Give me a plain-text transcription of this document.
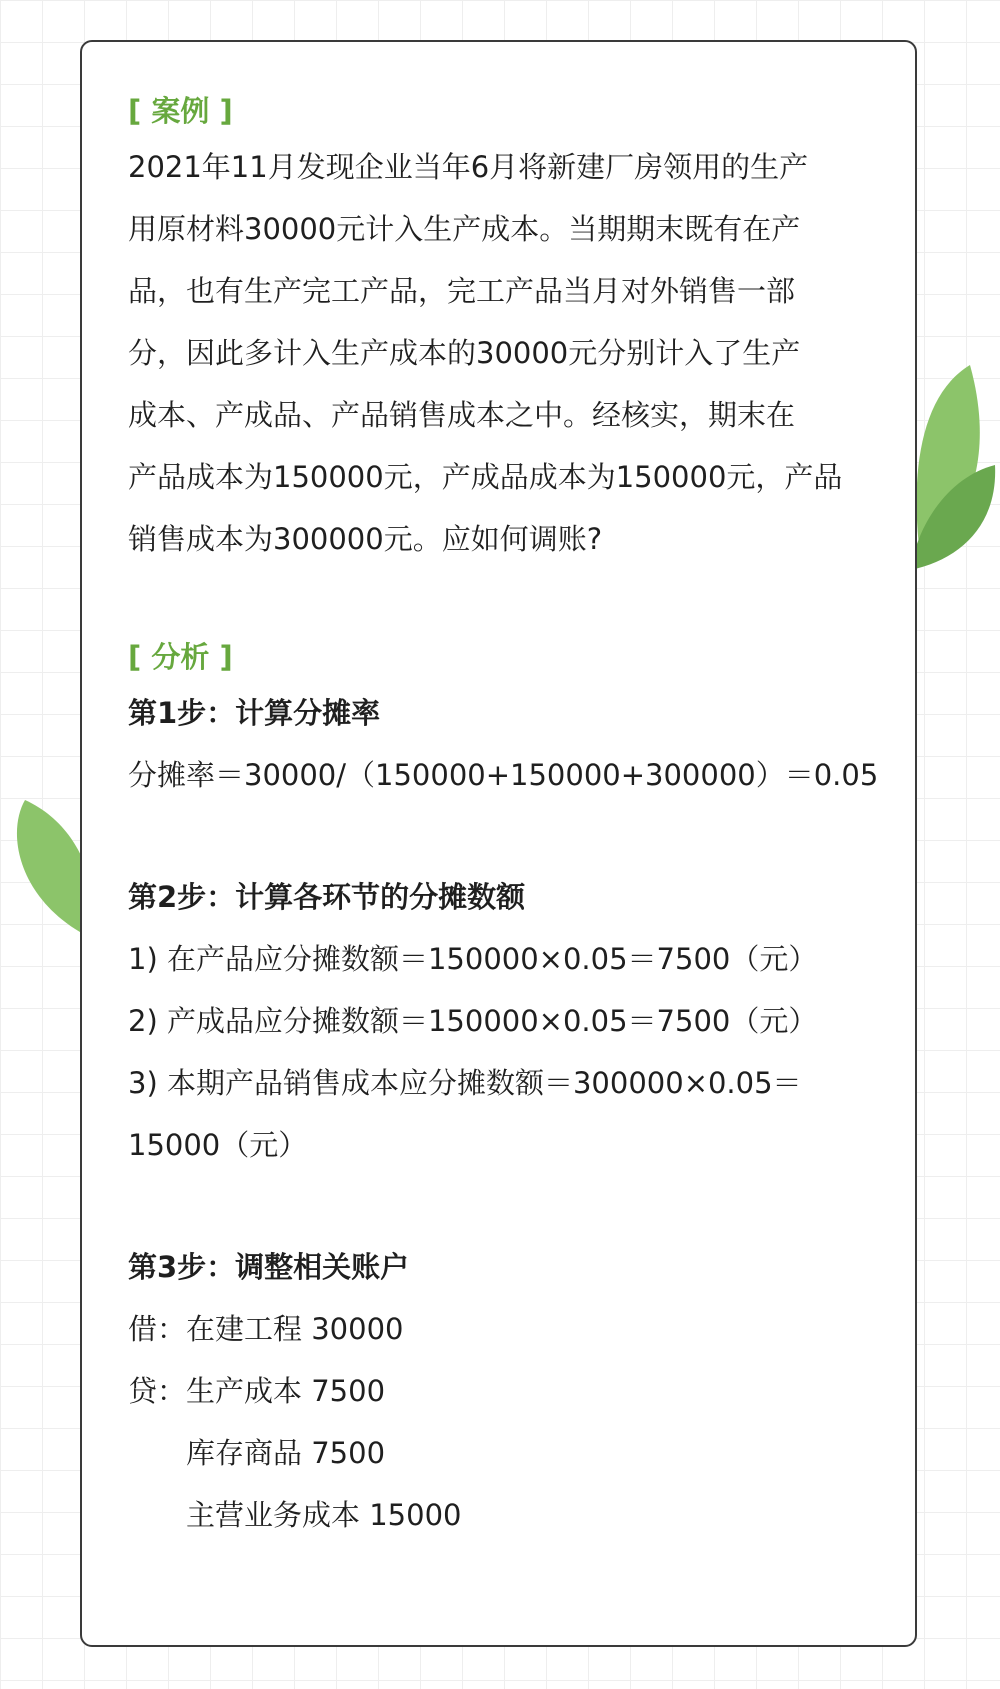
[ 案例 ]
2021年11月发现企业当年6月将新建厂房领用的生产
用原材料30000元计入生产成本。当期期末既有在产
品，也有生产完工产品，完工产品当月对外销售一部
分，因此多计入生产成本的30000元分别计入了生产
成本、产成品、产品销售成本之中。经核实，期末在
产品成本为150000元，产成品成本为150000元，产品
销售成本为300000元。应如何调账?
[ 分析 ]
第1步：计算分摊率
分摊率＝30000/（150000+150000+300000）＝0.05
第2步：计算各环节的分摊数额
1) 在产品应分摊数额＝150000×0.05＝7500（元）
2) 产成品应分摊数额＝150000×0.05＝7500（元）
3) 本期产品销售成本应分摊数额＝300000×0.05＝
15000（元）
第3步：调整相关账户
借：在建工程 30000
贷：生产成本 7500
库存商品 7500
主营业务成本 15000
